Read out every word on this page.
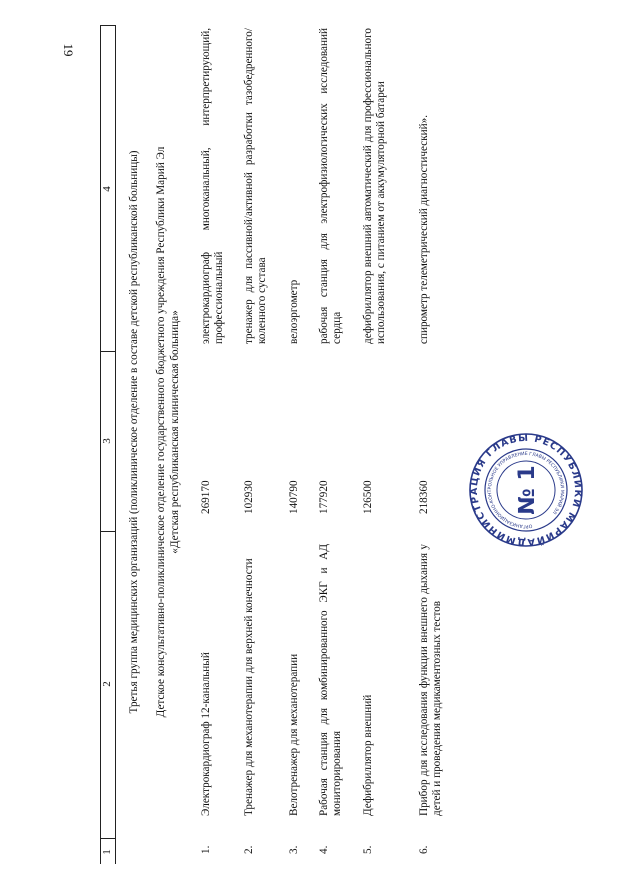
19
1
2
3
4 Третья группа медицинских организаций (поликлиническое отделение в составе детской республиканской больницы) Детское консультативно-поликлиническое отделение государственного бюджетного учреждения Республики Марий Эл «Детская республиканская клиническая больница»
1.
Электрокардиограф 12-канальный
269170
электрокардиограф многоканальный, интерпретирующий, профессиональный
2.
Тренажер для механотерапии для верхней конечности
102930
тренажер для пассивной/активной разработки тазобедренного/коленного сустава
3.
Велотренажер для механотерапии
140790
велоэргометр
4.
Рабочая станция для комбинированного ЭКГ и АД мониторирования
177920
рабочая станция для электрофизиологических исследований сердца
5.
Дефибриллятор внешний
126500
дефибриллятор внешний автоматический для профессионального использования, с питанием от аккумуляторной батареи
6.
Прибор для исследования функции внешнего дыхания у детей и проведения медикаментозных тестов
218360
спирометр телеметрический диагностический».
АДМИНИСТРАЦИЯ ГЛАВЫ РЕСПУБЛИКИ МАРИЙ
ОРГАНИЗАЦИОННО-КОНТРОЛЬНОЕ УПРАВЛЕНИЕ ГЛАВЫ РЕСПУБЛИКИ МАРИЙ ЭЛ
№ 1
